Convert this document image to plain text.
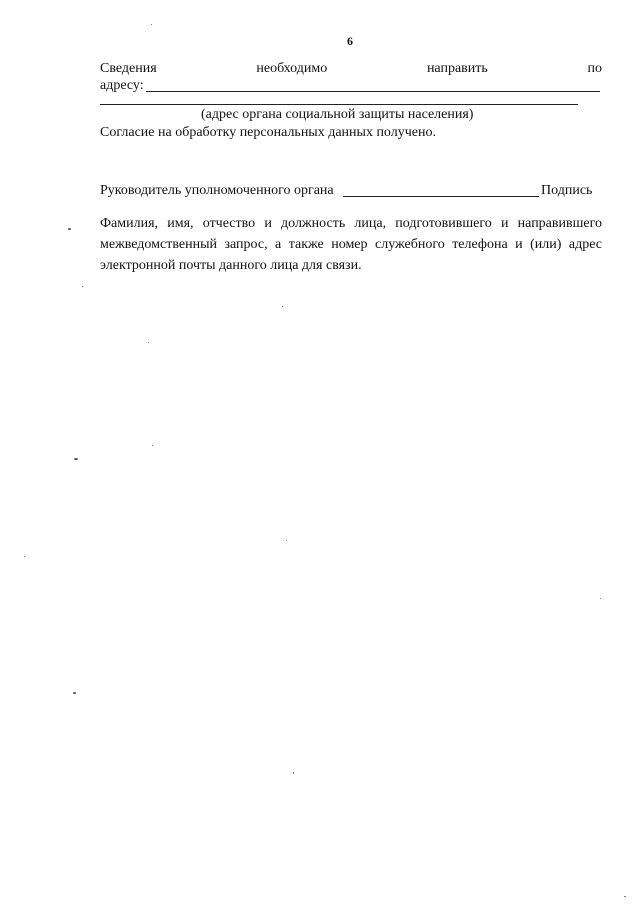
6
Сведения	необходимо	направить	по
адресу:
(адрес органа социальной защиты населения)
Согласие на обработку персональных данных получено.
Руководитель уполномоченного органа	Подпись
Фамилия, имя, отчество и должность лица, подготовившего и направившего межведомственный запрос, а также номер служебного телефона и (или) адрес электронной почты данного лица для связи.
